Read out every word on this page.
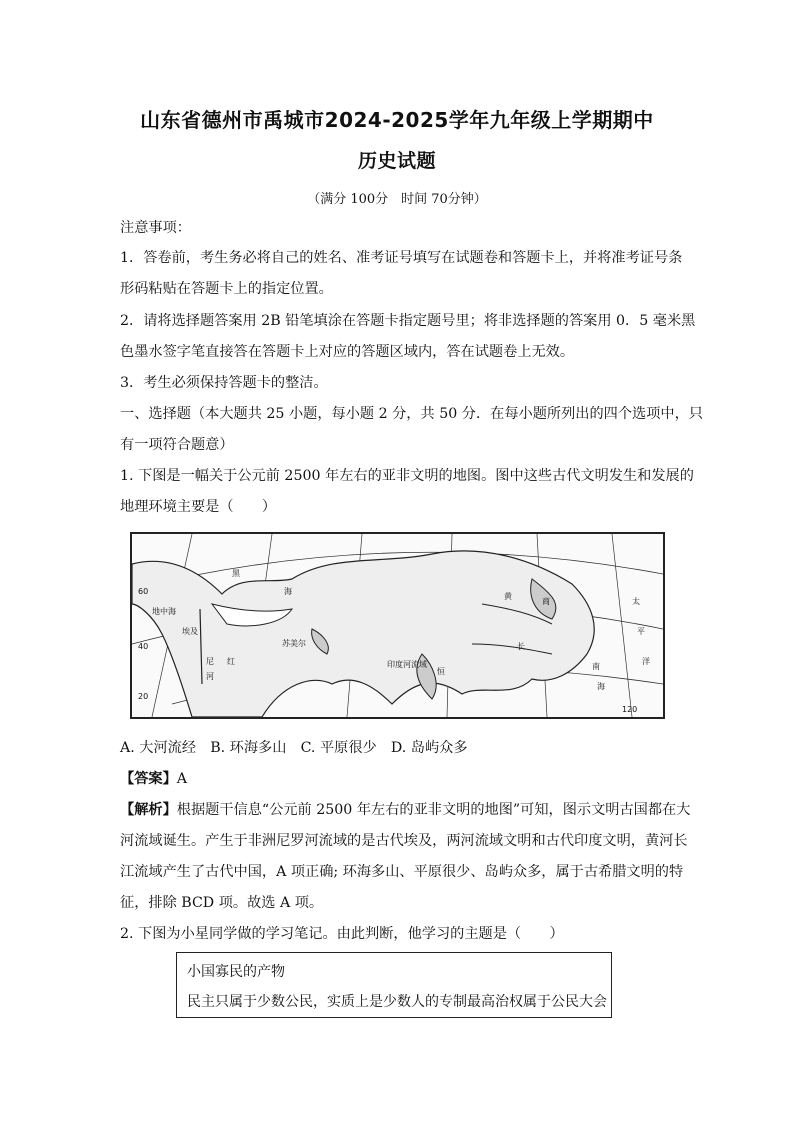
山东省德州市禹城市2024-2025学年九年级上学期期中
历史试题
（满分 100分　时间 70分钟）
注意事项：
1．答卷前，考生务必将自己的姓名、准考证号填写在试题卷和答题卡上，并将准考证号条
形码粘贴在答题卡上的指定位置。
2．请将选择题答案用 2B 铅笔填涂在答题卡指定题号里；将非选择题的答案用 0．5 毫米黑
色墨水签字笔直接答在答题卡上对应的答题区域内，答在试题卷上无效。
3．考生必须保持答题卡的整洁。
一、选择题（本大题共 25 小题，每小题 2 分，共 50 分．在每小题所列出的四个选项中，只
有一项符合题意）
1. 下图是一幅关于公元前 2500 年左右的亚非文明的地图。图中这些古代文明发生和发展的
地理环境主要是（　　）
黑
海
地中海
埃及
尼
河
红
苏美尔
印度河流域
恒
黄
长
商	太
平
洋
南
海
60
40
20
120
A. 大河流经　B. 环海多山　C. 平原很少　D. 岛屿众多
【答案】A
【解析】根据题干信息“公元前 2500 年左右的亚非文明的地图”可知，图示文明古国都在大
河流域诞生。产生于非洲尼罗河流域的是古代埃及，两河流域文明和古代印度文明，黄河长
江流域产生了古代中国，A 项正确; 环海多山、平原很少、岛屿众多，属于古希腊文明的特
征，排除 BCD 项。故选 A 项。
2. 下图为小星同学做的学习笔记。由此判断，他学习的主题是（　　）
小国寡民的产物
民主只属于少数公民，实质上是少数人的专制最高治权属于公民大会
